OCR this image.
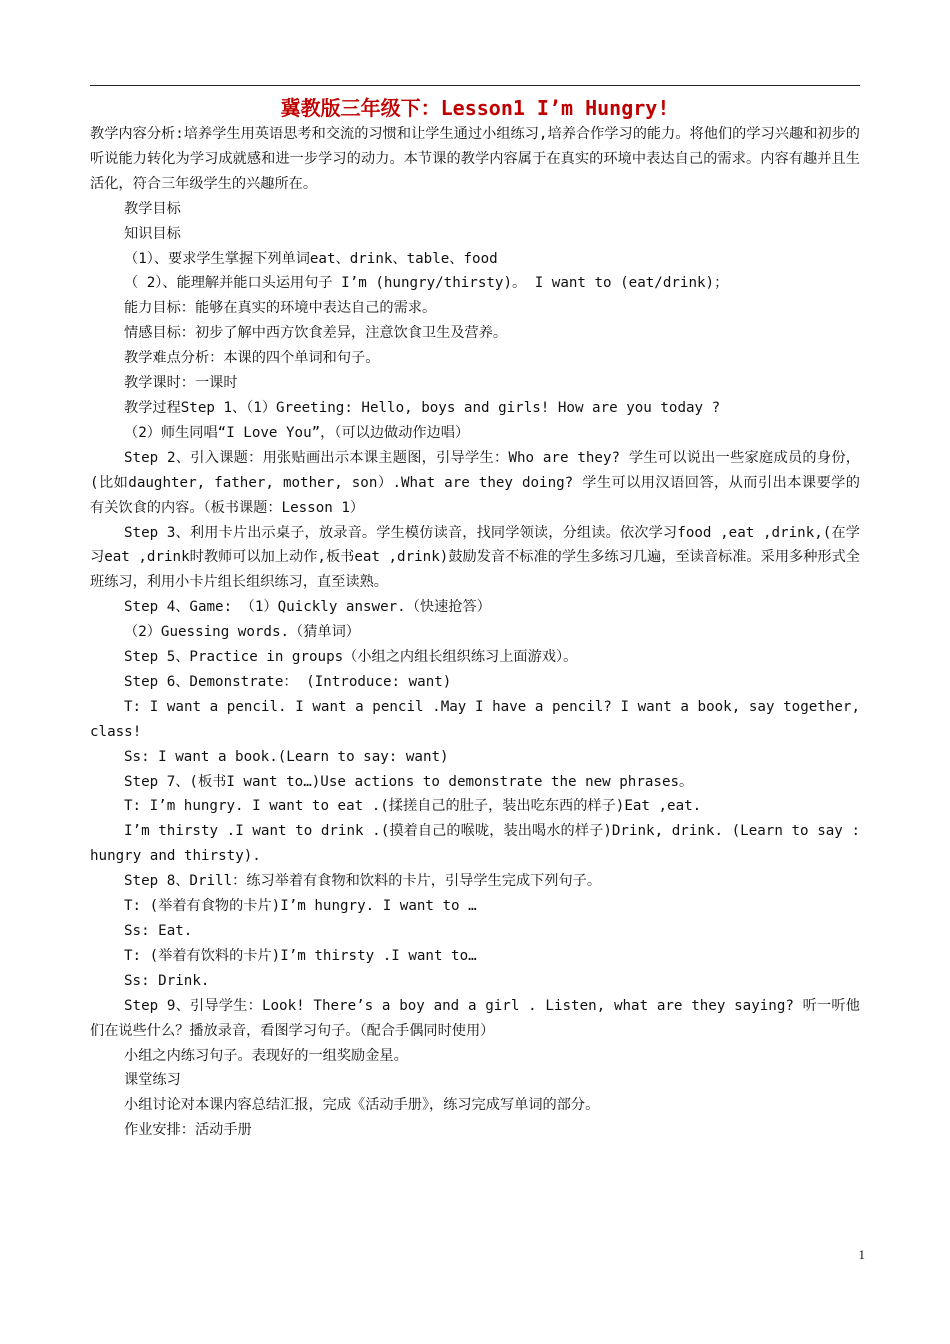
冀教版三年级下：Lesson1 I’m Hungry!

教学内容分析:培养学生用英语思考和交流的习惯和让学生通过小组练习,培养合作学习的能力。将他们的学习兴趣和初步的听说能力转化为学习成就感和进一步学习的动力。本节课的教学内容属于在真实的环境中表达自己的需求。内容有趣并且生活化，符合三年级学生的兴趣所在。

教学目标

知识目标

（1）、要求学生掌握下列单词eat、drink、table、food

（ 2）、能理解并能口头运用句子 I’m (hungry/thirsty)。 I want to (eat/drink)；

能力目标：能够在真实的环境中表达自己的需求。

情感目标：初步了解中西方饮食差异，注意饮食卫生及营养。

教学难点分析：本课的四个单词和句子。

教学课时：一课时

教学过程Step 1、（1）Greeting: Hello, boys and girls! How are you today ?

（2）师生同唱“I Love You”，（可以边做动作边唱）

Step 2、引入课题：用张贴画出示本课主题图，引导学生：Who are they? 学生可以说出一些家庭成员的身份，(比如daughter, father, mother, son）.What are they doing? 学生可以用汉语回答，从而引出本课要学的有关饮食的内容。（板书课题：Lesson 1）

Step 3、利用卡片出示桌子，放录音。学生模仿读音，找同学领读，分组读。依次学习food ,eat ,drink,(在学习eat ,drink时教师可以加上动作,板书eat ,drink)鼓励发音不标准的学生多练习几遍，至读音标准。采用多种形式全班练习，利用小卡片组长组织练习，直至读熟。

Step 4、Game: （1）Quickly answer.（快速抢答）

（2）Guessing words.（猜单词）

Step 5、Practice in groups（小组之内组长组织练习上面游戏）。

Step 6、Demonstrate： (Introduce: want)

T: I want a pencil. I want a pencil .May I have a pencil? I want a book, say together, class!

Ss: I want a book.(Learn to say: want)

Step 7、(板书I want to…)Use actions to demonstrate the new phrases。

T: I’m hungry. I want to eat .(揉搓自己的肚子，装出吃东西的样子)Eat ,eat.

I’m thirsty .I want to drink .(摸着自己的喉咙，装出喝水的样子)Drink, drink. (Learn to say : hungry and thirsty).

Step 8、Drill：练习举着有食物和饮料的卡片，引导学生完成下列句子。

T: (举着有食物的卡片)I’m hungry. I want to …

Ss: Eat.

T: (举着有饮料的卡片)I’m thirsty .I want to…

Ss: Drink.

Step 9、引导学生：Look! There’s a boy and a girl . Listen, what are they saying? 听一听他们在说些什么？播放录音，看图学习句子。（配合手偶同时使用）

小组之内练习句子。表现好的一组奖励金星。

课堂练习

小组讨论对本课内容总结汇报，完成《活动手册》，练习完成写单词的部分。

作业安排：活动手册

1
